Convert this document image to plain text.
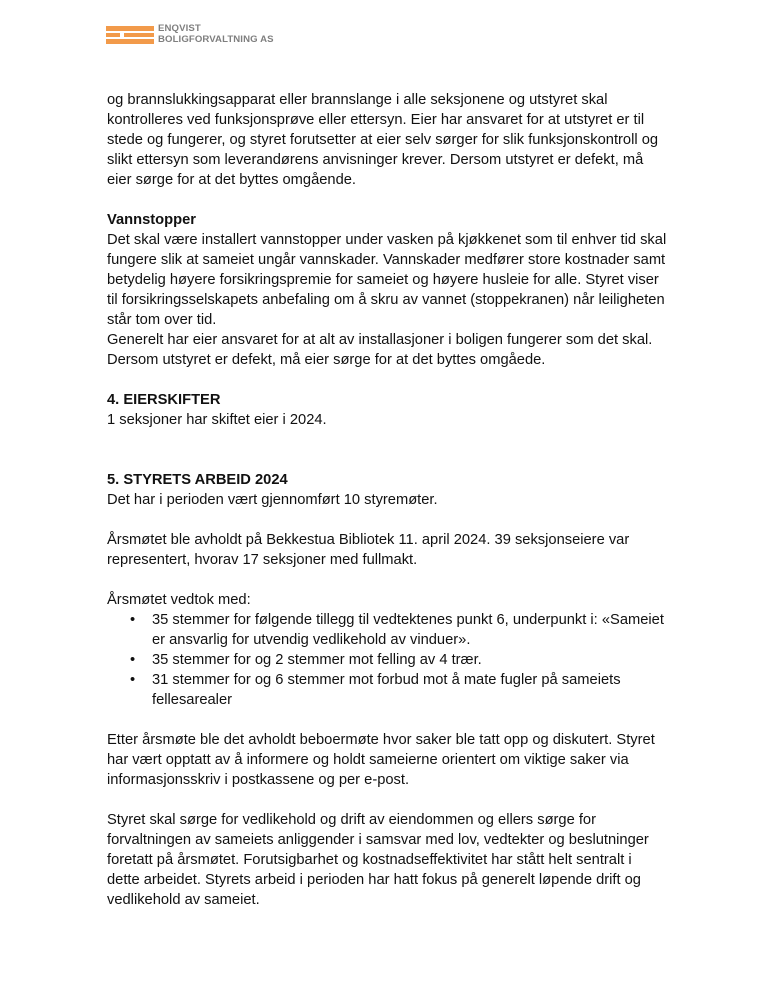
ENQVIST
BOLIGFORVALTNING AS

og brannslukkingsapparat eller brannslange i alle seksjonene og utstyret skal kontrolleres ved funksjonsprøve eller ettersyn. Eier har ansvaret for at utstyret er til stede og fungerer, og styret forutsetter at eier selv sørger for slik funksjonskontroll og slikt ettersyn som leverandørens anvisninger krever. Dersom utstyret er defekt, må eier sørge for at det byttes omgående.

Vannstopper

Det skal være installert vannstopper under vasken på kjøkkenet som til enhver tid skal fungere slik at sameiet ungår vannskader. Vannskader medfører store kostnader samt betydelig høyere forsikringspremie for sameiet og høyere husleie for alle. Styret viser til forsikringsselskapets anbefaling om å skru av vannet (stoppekranen) når leiligheten står tom over tid.

Generelt har eier ansvaret for at alt av installasjoner i boligen fungerer som det skal. Dersom utstyret er defekt, må eier sørge for at det byttes omgåede.

4. EIERSKIFTER

1 seksjoner har skiftet eier i 2024.

5. STYRETS ARBEID 2024

Det har i perioden vært gjennomført 10 styremøter.

Årsmøtet ble avholdt på Bekkestua Bibliotek 11. april 2024. 39 seksjonseiere var representert, hvorav 17 seksjoner med fullmakt.

Årsmøtet vedtok med:

• 35 stemmer for følgende tillegg til vedtektenes punkt 6, underpunkt i: «Sameiet er ansvarlig for utvendig vedlikehold av vinduer».
• 35 stemmer for og 2 stemmer mot felling av 4 trær.
• 31 stemmer for og 6 stemmer mot forbud mot å mate fugler på sameiets fellesarealer

Etter årsmøte ble det avholdt beboermøte hvor saker ble tatt opp og diskutert. Styret har vært opptatt av å informere og holdt sameierne orientert om viktige saker via informasjonsskriv i postkassene og per e-post.

Styret skal sørge for vedlikehold og drift av eiendommen og ellers sørge for forvaltningen av sameiets anliggender i samsvar med lov, vedtekter og beslutninger foretatt på årsmøtet. Forutsigbarhet og kostnadseffektivitet har stått helt sentralt i dette arbeidet. Styrets arbeid i perioden har hatt fokus på generelt løpende drift og vedlikehold av sameiet.
